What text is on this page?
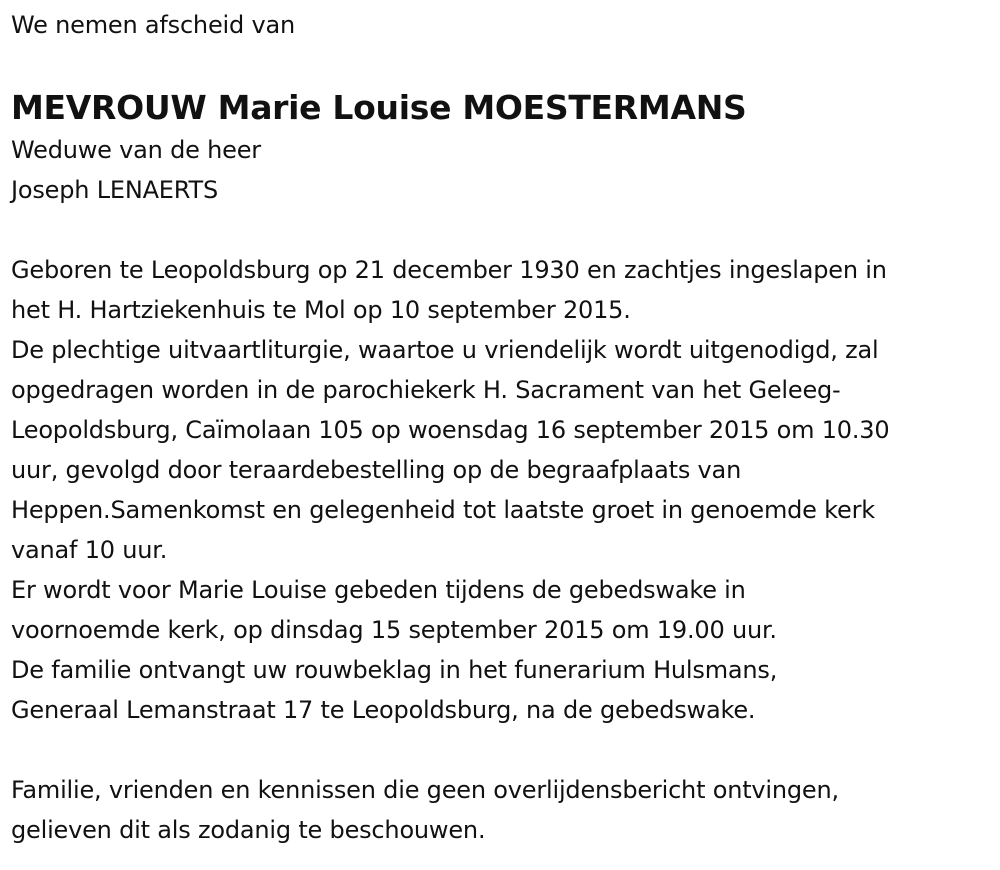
We nemen afscheid van
MEVROUW Marie Louise MOESTERMANS
Weduwe van de heer
Joseph LENAERTS
Geboren te Leopoldsburg op 21 december 1930 en zachtjes ingeslapen in
het H. Hartziekenhuis te Mol op 10 september 2015.
De plechtige uitvaartliturgie, waartoe u vriendelijk wordt uitgenodigd, zal
opgedragen worden in de parochiekerk H. Sacrament van het Geleeg-
Leopoldsburg, Caïmolaan 105 op woensdag 16 september 2015 om 10.30
uur, gevolgd door teraardebestelling op de begraafplaats van
Heppen.Samenkomst en gelegenheid tot laatste groet in genoemde kerk
vanaf 10 uur.
Er wordt voor Marie Louise gebeden tijdens de gebedswake in
voornoemde kerk, op dinsdag 15 september 2015 om 19.00 uur.
De familie ontvangt uw rouwbeklag in het funerarium Hulsmans,
Generaal Lemanstraat 17 te Leopoldsburg, na de gebedswake.
Familie, vrienden en kennissen die geen overlijdensbericht ontvingen,
gelieven dit als zodanig te beschouwen.
